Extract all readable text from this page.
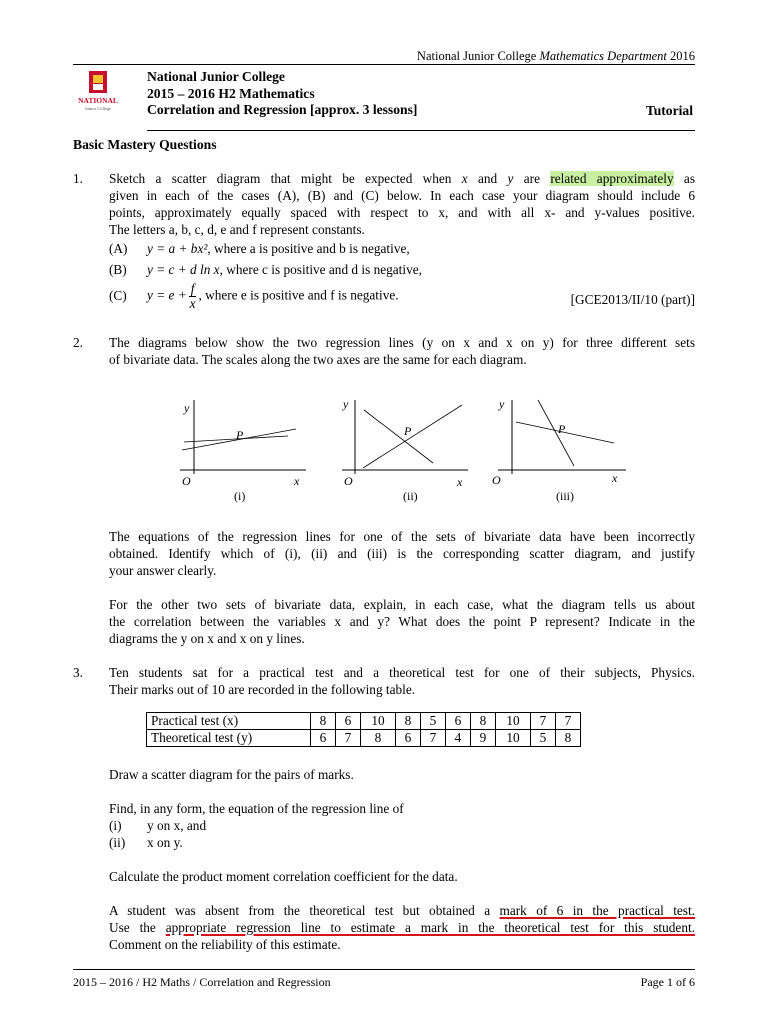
National Junior College Mathematics Department 2016
NATIONAL
Junior College
National Junior College
2015 – 2016 H2 Mathematics
Correlation and Regression [approx. 3 lessons]	Tutorial
Basic Mastery Questions
1. Sketch a scatter diagram that might be expected when x and y are related approximately as
given in each of the cases (A), (B) and (C) below. In each case your diagram should include 6
points, approximately equally spaced with respect to x, and with all x- and y-values positive.
The letters a, b, c, d, e and f represent constants.
(A) y = a + bx², where a is positive and b is negative,
(B) y = c + d ln x, where c is positive and d is negative,
(C) $y = e + \frac{f}{x}$ , where e is positive and f is negative.	[GCE2013/II/10 (part)]
2. The diagrams below show the two regression lines (y on x and x on y) for three different sets
of bivariate data. The scales along the two axes are the same for each diagram.
y
P
O	x
(i)
y
P
O	x
(ii)
y
P
O	x
(iii)
The equations of the regression lines for one of the sets of bivariate data have been incorrectly
obtained. Identify which of (i), (ii) and (iii) is the corresponding scatter diagram, and justify
your answer clearly.
For the other two sets of bivariate data, explain, in each case, what the diagram tells us about
the correlation between the variables x and y? What does the point P represent? Indicate in the
diagrams the y on x and x on y lines.
3. Ten students sat for a practical test and a theoretical test for one of their subjects, Physics.
Their marks out of 10 are recorded in the following table.
Practical test (x)	8	6	10	8	5	6	8	10	7	7
Theoretical test (y)	6	7	8	6	7	4	9	10	5	8
Draw a scatter diagram for the pairs of marks.
Find, in any form, the equation of the regression line of
(i) y on x, and
(ii) x on y.
Calculate the product moment correlation coefficient for the data.
A student was absent from the theoretical test but obtained a mark of 6 in the practical test.
Use the appropriate regression line to estimate a mark in the theoretical test for this student.
Comment on the reliability of this estimate.
2015 – 2016 / H2 Maths / Correlation and Regression	Page 1 of 6
